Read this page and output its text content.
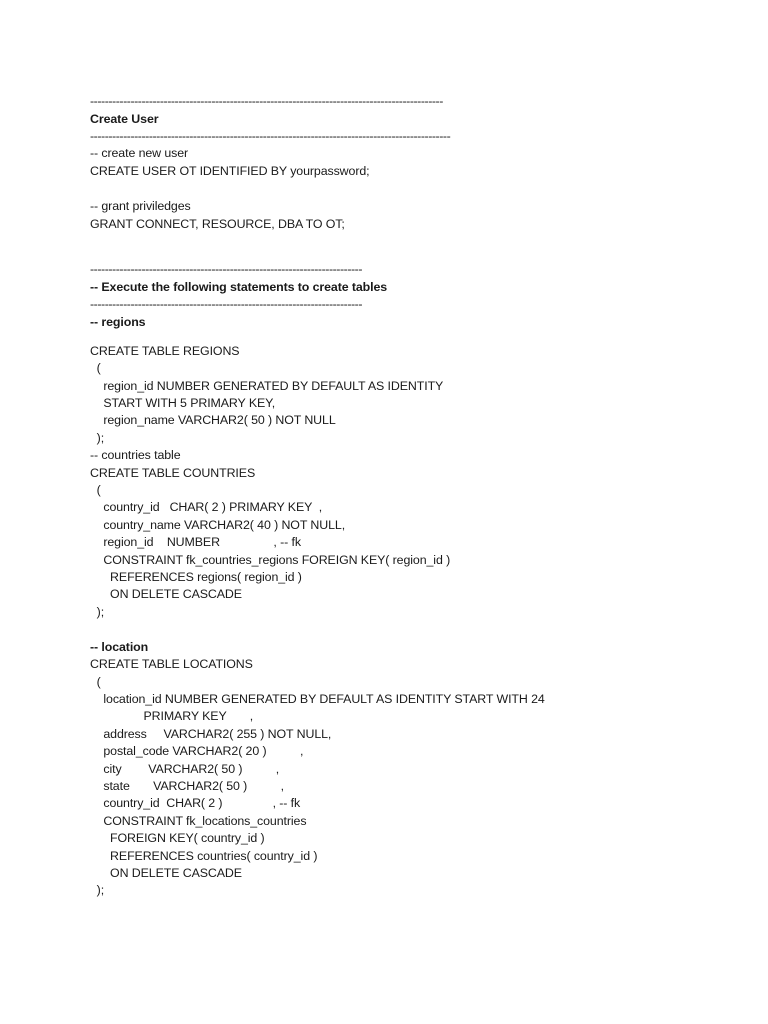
------------------------------------------------------------------------------------------------

Create User

--------------------------------------------------------------------------------------------------

-- create new user

CREATE USER OT IDENTIFIED BY yourpassword;

-- grant priviledges

GRANT CONNECT, RESOURCE, DBA TO OT;

--------------------------------------------------------------------------

-- Execute the following statements to create tables

--------------------------------------------------------------------------

-- regions

CREATE TABLE REGIONS

(

region_id NUMBER GENERATED BY DEFAULT AS IDENTITY

START WITH 5 PRIMARY KEY,

region_name VARCHAR2( 50 ) NOT NULL

);

-- countries table

CREATE TABLE COUNTRIES

(

country_id   CHAR( 2 ) PRIMARY KEY  ,

country_name VARCHAR2( 40 ) NOT NULL,

region_id    NUMBER                , -- fk

CONSTRAINT fk_countries_regions FOREIGN KEY( region_id )

REFERENCES regions( region_id )

ON DELETE CASCADE

);

-- location

CREATE TABLE LOCATIONS

(

location_id NUMBER GENERATED BY DEFAULT AS IDENTITY START WITH 24

PRIMARY KEY       ,

address     VARCHAR2( 255 ) NOT NULL,

postal_code VARCHAR2( 20 )          ,

city        VARCHAR2( 50 )          ,

state       VARCHAR2( 50 )          ,

country_id  CHAR( 2 )               , -- fk

CONSTRAINT fk_locations_countries

FOREIGN KEY( country_id )

REFERENCES countries( country_id )

ON DELETE CASCADE

);
